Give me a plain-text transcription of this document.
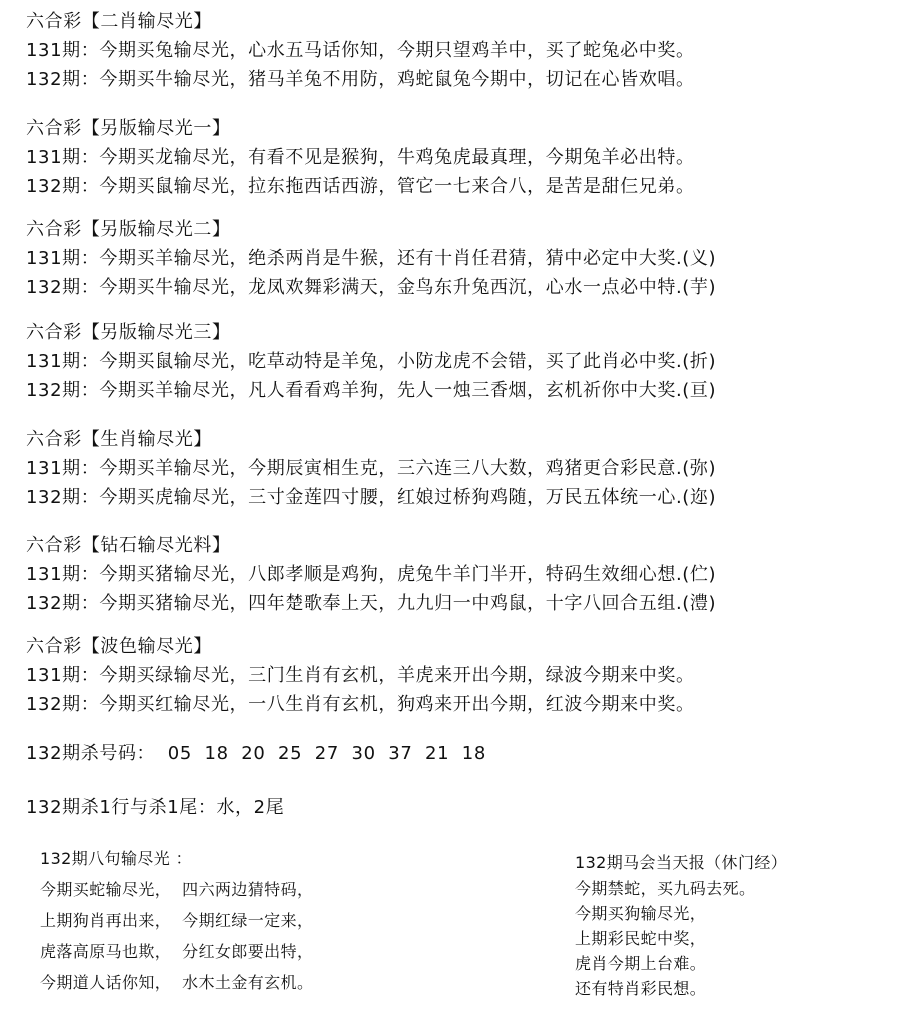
六合彩【二肖输尽光】
131期：今期买兔输尽光，心水五马话你知，今期只望鸡羊中，买了蛇兔必中奖。
132期：今期买牛输尽光，猪马羊兔不用防，鸡蛇鼠兔今期中，切记在心皆欢唱。
六合彩【另版输尽光一】
131期：今期买龙输尽光，有看不见是猴狗，牛鸡兔虎最真理，今期兔羊必出特。
132期：今期买鼠输尽光，拉东拖西话西游，管它一七来合八，是苦是甜仨兄弟。
六合彩【另版输尽光二】
131期：今期买羊输尽光，绝杀两肖是牛猴，还有十肖任君猜，猜中必定中大奖.(义)
132期：今期买牛输尽光，龙凤欢舞彩满天，金鸟东升兔西沉，心水一点必中特.(芋)
六合彩【另版输尽光三】
131期：今期买鼠输尽光，吃草动特是羊兔，小防龙虎不会错，买了此肖必中奖.(折)
132期：今期买羊输尽光，凡人看看鸡羊狗，先人一烛三香烟，玄机祈你中大奖.(亘)
六合彩【生肖输尽光】
131期：今期买羊输尽光，今期辰寅相生克，三六连三八大数，鸡猪更合彩民意.(弥)
132期：今期买虎输尽光，三寸金莲四寸腰，红娘过桥狗鸡随，万民五体统一心.(迩)
六合彩【钻石输尽光料】
131期：今期买猪输尽光，八郎孝顺是鸡狗，虎兔牛羊门半开，特码生效细心想.(伫)
132期：今期买猪输尽光，四年楚歌奉上天，九九归一中鸡鼠，十字八回合五组.(澧)
六合彩【波色输尽光】
131期：今期买绿输尽光，三门生肖有玄机，羊虎来开出今期，绿波今期来中奖。
132期：今期买红输尽光，一八生肖有玄机，狗鸡来开出今期，红波今期来中奖。
132期杀号码：  05  18  20  25  27  30  37  21  18
132期杀1行与杀1尾：水，2尾
132期八句输尽光 ：
今期买蛇输尽光，  四六两边猜特码，
上期狗肖再出来，  今期红绿一定来，
虎落高原马也欺，  分红女郎要出特，
今期道人话你知，  水木土金有玄机。
132期马会当天报（休门经）
今期禁蛇，买九码去死。
今期买狗输尽光，
上期彩民蛇中奖，
虎肖今期上台难。
还有特肖彩民想。
